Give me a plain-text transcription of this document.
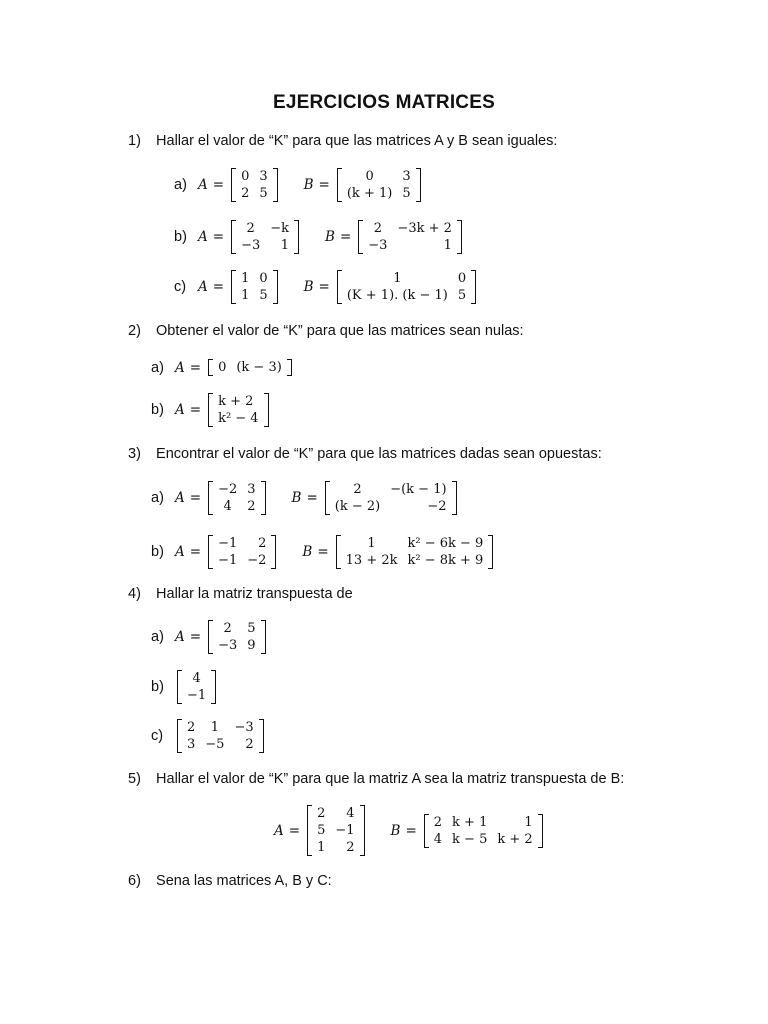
EJERCICIOS MATRICES
1) Hallar el valor de “K” para que las matrices A y B sean iguales:
a) A =
0	3
2	5
B =
0	3
(k + 1)	5
b) A =
2	−k
−3	1
B =
2	−3k + 2
−3	1
c) A =
1	0
1	5
B =
1	0
(K + 1). (k − 1)	5
2) Obtener el valor de “K” para que las matrices sean nulas:
a) A = 0	(k − 3)
b) A =
k + 2
k² − 4
3) Encontrar el valor de “K” para que las matrices dadas sean opuestas:
a) A =
−2	3
4	2
B =
2	−(k − 1)
(k − 2)	−2
b) A =
−1	2
−1	−2
B =
1	k² − 6k − 9
13 + 2k	k² − 8k + 9
4) Hallar la matriz transpuesta de
a) A =
2	5
−3	9
b)
4
−1
c)
2	1	−3
3	−5	2
5) Hallar el valor de “K” para que la matriz A sea la matriz transpuesta de B:
A =
2	4
5	−1
1	2
B =
2	k + 1	1
4	k − 5	k + 2
6) Sena las matrices A, B y C:
